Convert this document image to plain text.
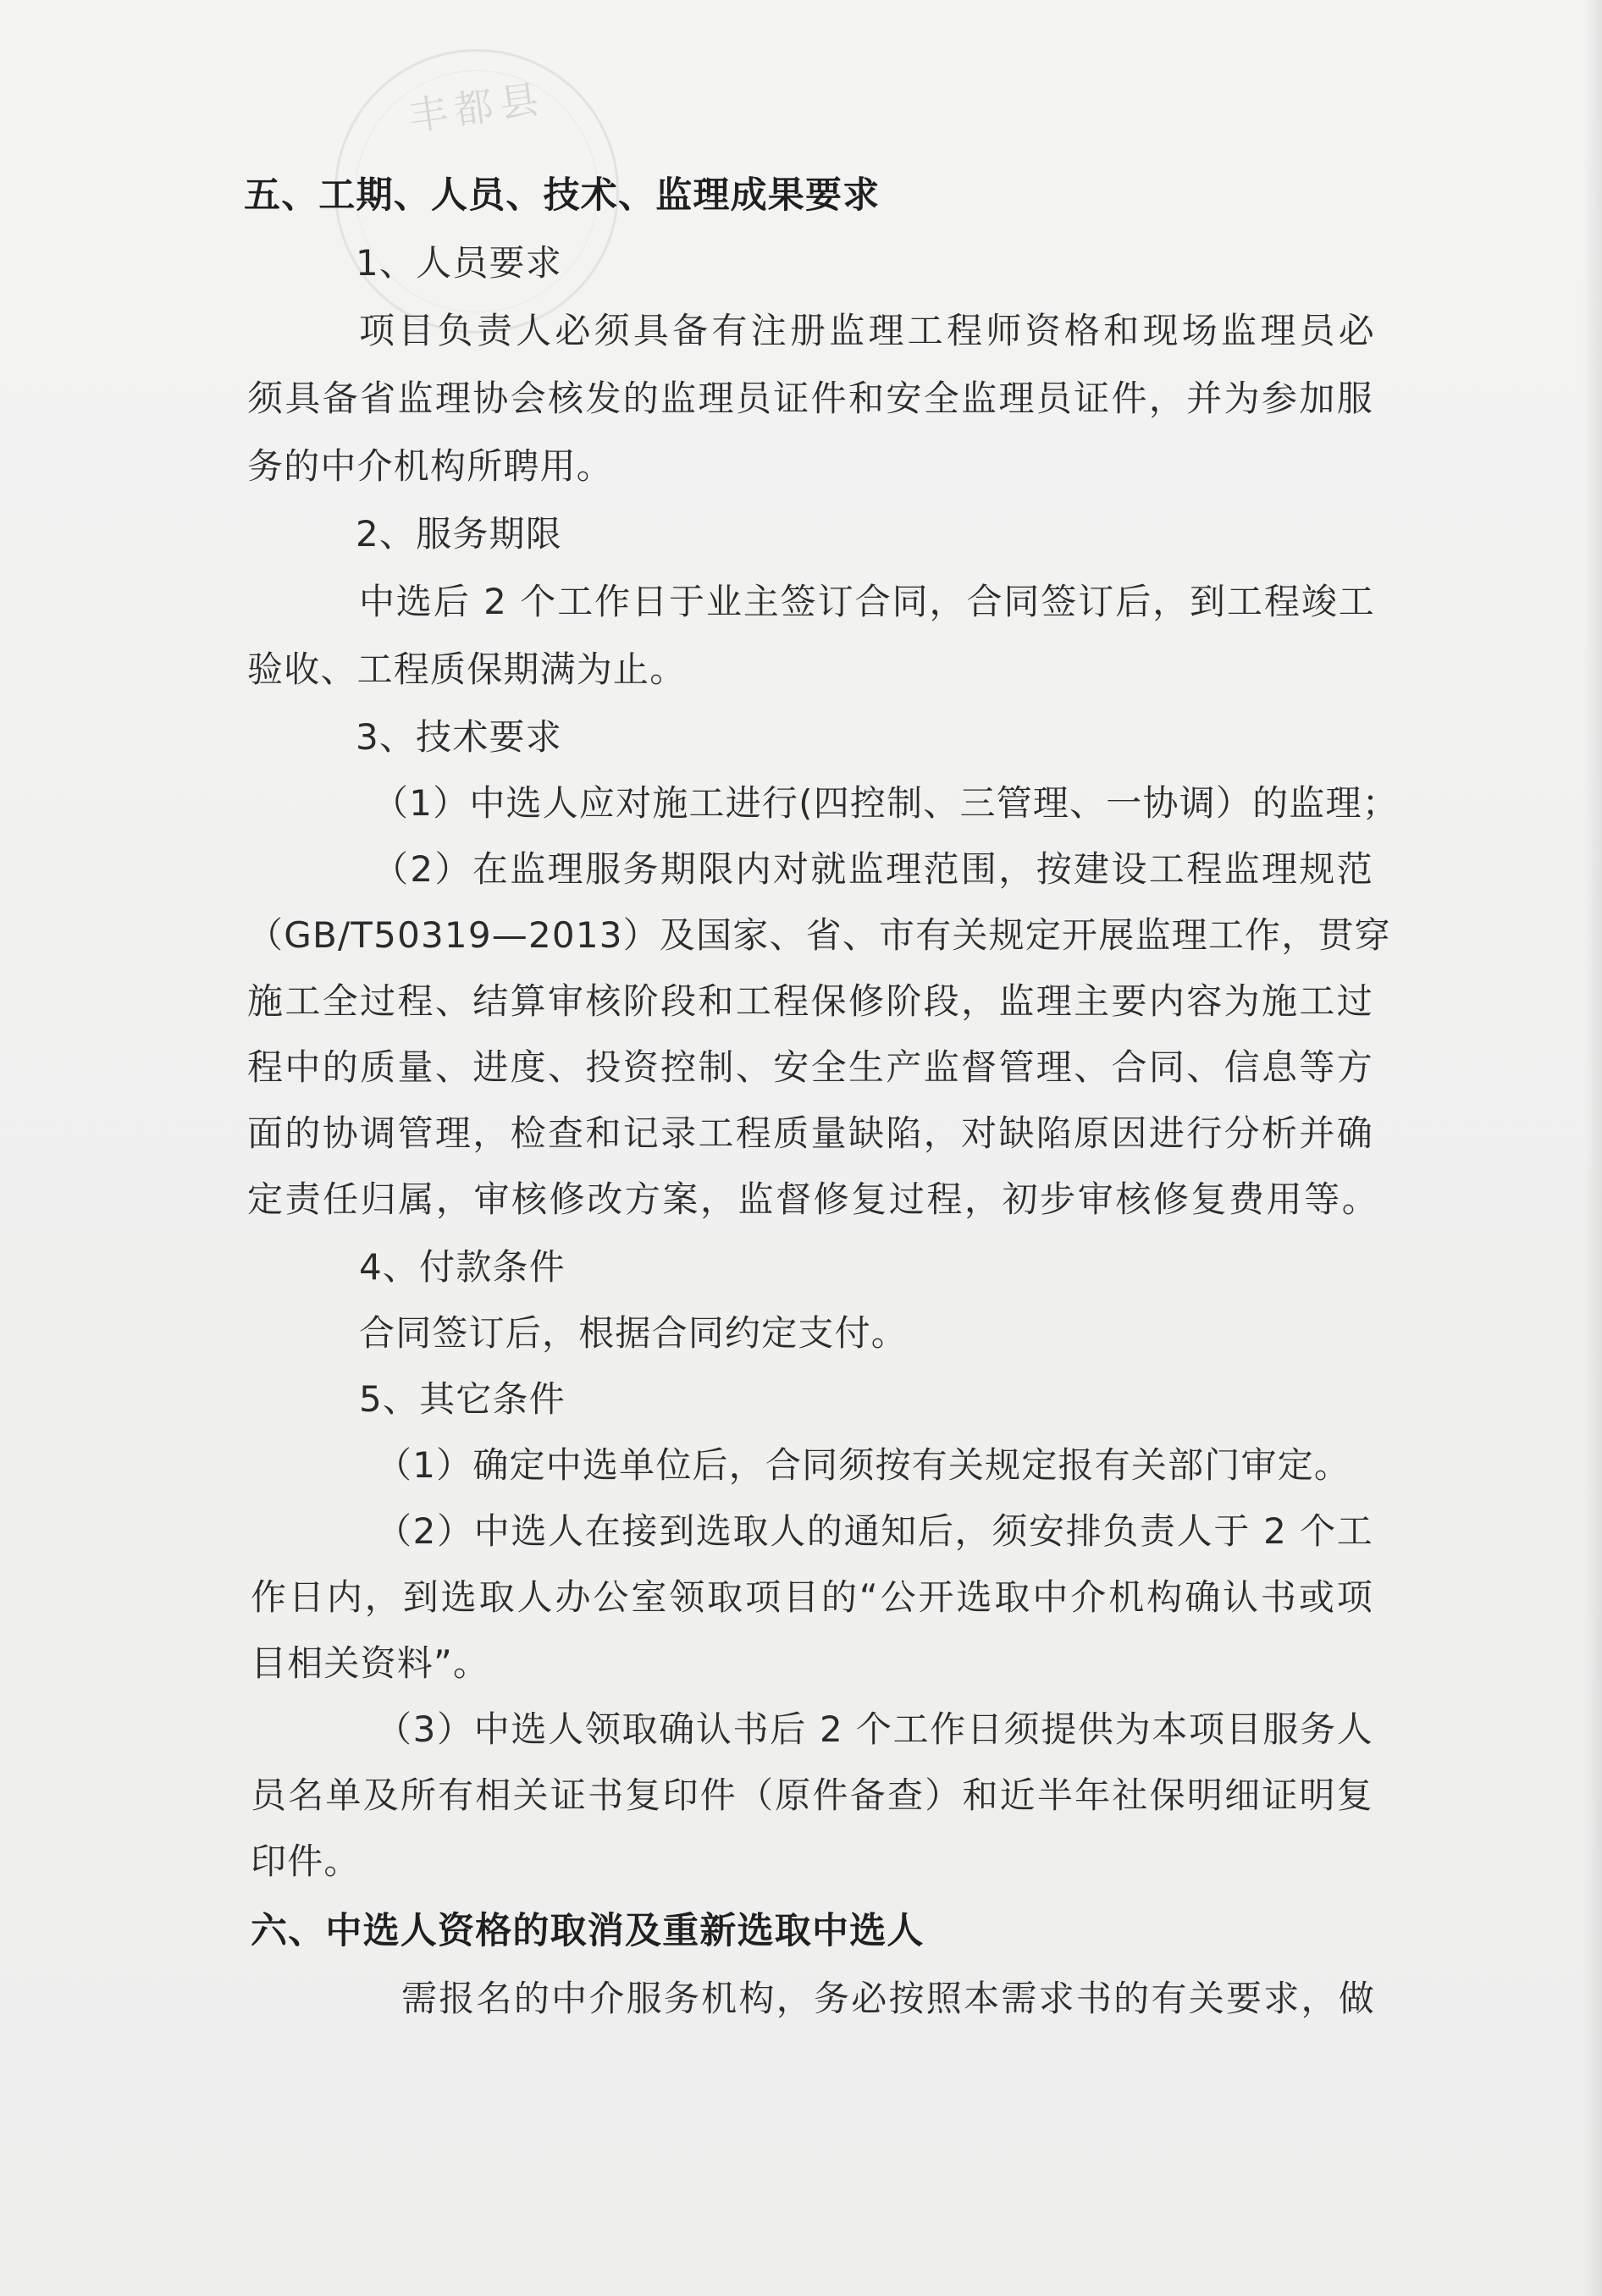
丰都县
五、工期、人员、技术、监理成果要求
1、人员要求
项目负责人必须具备有注册监理工程师资格和现场监理员必
须具备省监理协会核发的监理员证件和安全监理员证件，并为参加服
务的中介机构所聘用。
2、服务期限
中选后 2 个工作日于业主签订合同，合同签订后，到工程竣工
验收、工程质保期满为止。
3、技术要求
（1）中选人应对施工进行(四控制、三管理、一协调）的监理；
（2）在监理服务期限内对就监理范围，按建设工程监理规范
（GB/T50319—2013）及国家、省、市有关规定开展监理工作，贯穿
施工全过程、结算审核阶段和工程保修阶段，监理主要内容为施工过
程中的质量、进度、投资控制、安全生产监督管理、合同、信息等方
面的协调管理，检查和记录工程质量缺陷，对缺陷原因进行分析并确
定责任归属，审核修改方案，监督修复过程，初步审核修复费用等。
4、付款条件
合同签订后，根据合同约定支付。
5、其它条件
（1）确定中选单位后，合同须按有关规定报有关部门审定。
（2）中选人在接到选取人的通知后，须安排负责人于 2 个工
作日内，到选取人办公室领取项目的“公开选取中介机构确认书或项
目相关资料”。
（3）中选人领取确认书后 2 个工作日须提供为本项目服务人
员名单及所有相关证书复印件（原件备查）和近半年社保明细证明复
印件。
六、中选人资格的取消及重新选取中选人
需报名的中介服务机构，务必按照本需求书的有关要求，做
